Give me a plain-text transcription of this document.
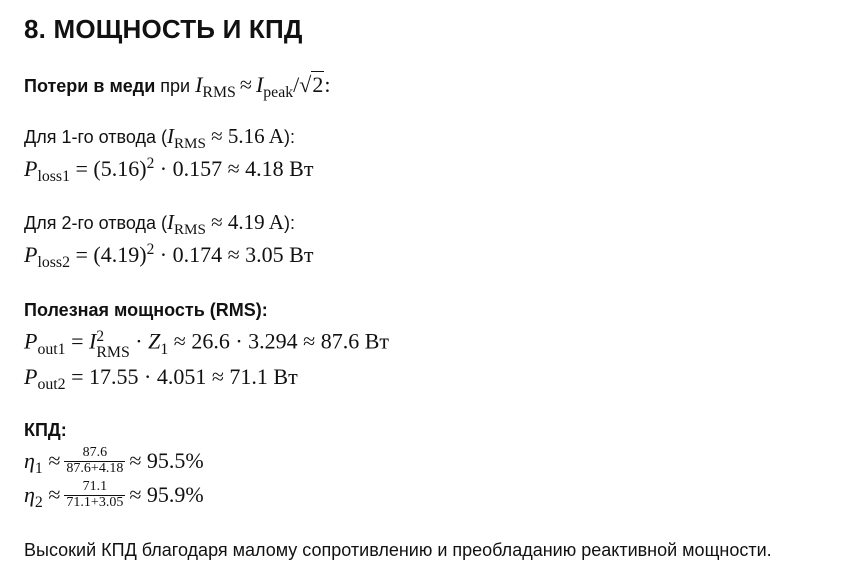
8. МОЩНОСТЬ И КПД
Потери в меди при $I_{RMS} \approx I_{peak}/√2$:
Для 1-го отвода ($I_{RMS} \approx 5.16$ A):
$P_{loss1} = (5.16)^2 \cdot 0.157 \approx 4.18$ Вт
Для 2-го отвода ($I_{RMS} \approx 4.19$ A):
$P_{loss2} = (4.19)^2 \cdot 0.174 \approx 3.05$ Вт
Полезная мощность (RMS):
$P_{out1} = I$ 2
RMS · $Z_1 \approx 26.6 \cdot 3.294 \approx 87.6$ Вт
$P_{out2} = 17.55 \cdot 4.051 \approx 71.1$ Вт
КПД:
$\eta_1 \approx \frac{87.6}{87.6+4.18} \approx 95.5\%$
$\eta_2 \approx \frac{71.1}{71.1+3.05} \approx 95.9\%$
Высокий КПД благодаря малому сопротивлению и преобладанию реактивной мощности.
